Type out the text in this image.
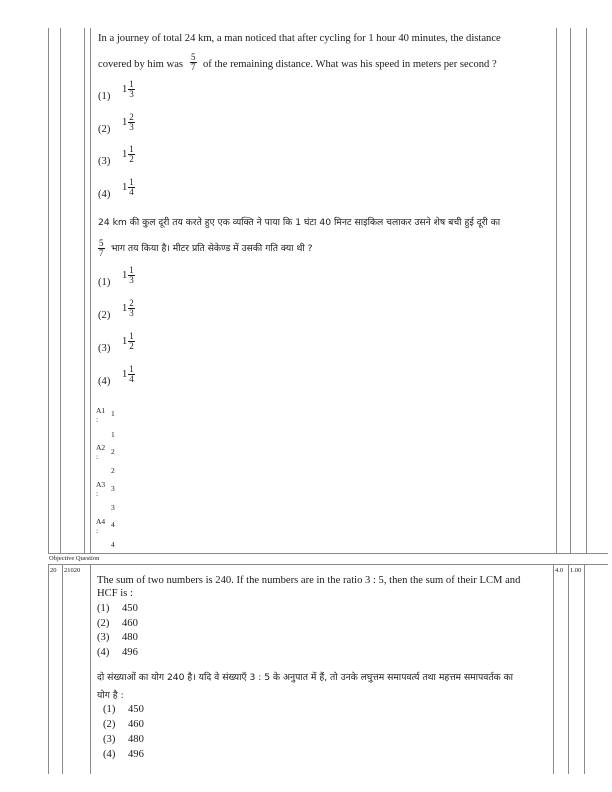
In a journey of total 24 km, a man noticed that after cycling for 1 hour 40 minutes, the distance
covered by him was $\frac{5}{7}$ of the remaining distance. What was his speed in meters per second ?
(1)
$1 \frac{1}{3}$
(2)
$1 \frac{2}{3}$
(3)
$1 \frac{1}{2}$
(4)
$1 \frac{1}{4}$
24 km की कुल दूरी तय करते हुए एक व्यक्ति ने पाया कि 1 घंटा 40 मिनट साइकिल चलाकर उसने शेष बची हुई दूरी का
$\frac{5}{7}$ भाग तय किया है। मीटर प्रति सेकेण्ड में उसकी गति क्या थी ?
(1)
$1 \frac{1}{3}$
(2)
$1 \frac{2}{3}$
(3)
$1 \frac{1}{2}$
(4)
$1 \frac{1}{4}$
A1 1
:
1
A2 2
:
2
A3 3
:
3
A4 4
:
4
Objective Question
20 21020	4.0 1.00
The sum of two numbers is 240. If the numbers are in the ratio 3 : 5, then the sum of their LCM and
HCF is :
(1) 450
(2) 460
(3) 480
(4) 496
दो संख्याओं का योग 240 है। यदि वे संख्याएँ 3 : 5 के अनुपात में हैं, तो उनके लघुत्तम समापवर्त्य तथा महत्तम समापवर्तक का
योग है :
(1) 450
(2) 460
(3) 480
(4) 496
